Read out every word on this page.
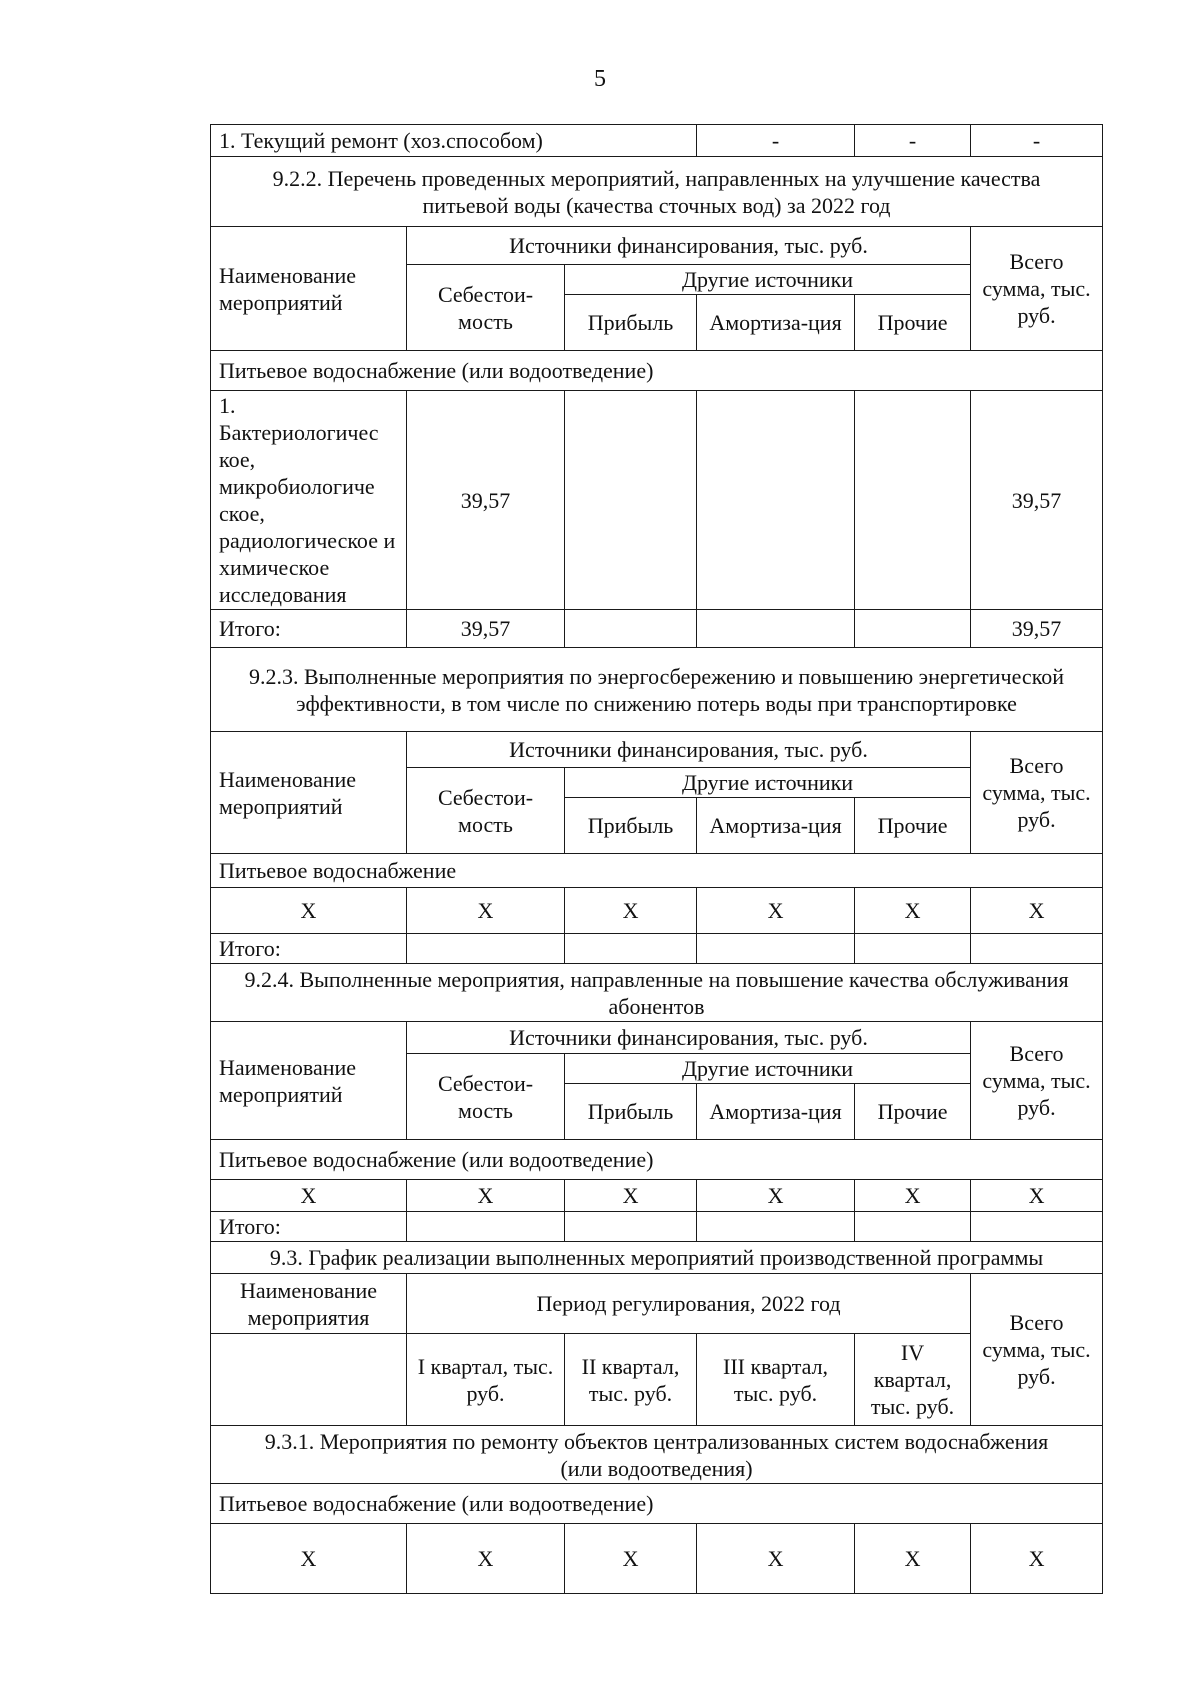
5
1. Текущий ремонт (хоз.способом)			-	-	-
9.2.2. Перечень проведенных мероприятий, направленных на улучшение качества питьевой воды (качества сточных вод) за 2022 год					
Наименование мероприятий	Источники финансирования, тыс. руб.				Всего сумма, тыс. руб.
	Себестои-мость	Другие источники			
		Прибыль	Амортиза-ция	Прочие	
Питьевое водоснабжение (или водоотведение)					
1. Бактериологичес кое, микробиологиче ское, радиологическое и химическое исследования	39,57				39,57
Итого:	39,57				39,57
9.2.3. Выполненные мероприятия по энергосбережению и повышению энергетической эффективности, в том числе по снижению потерь воды при транспортировке					
Наименование мероприятий	Источники финансирования, тыс. руб.				Всего сумма, тыс. руб.
	Себестои-мость	Другие источники			
		Прибыль	Амортиза-ция	Прочие	
Питьевое водоснабжение					
X	X	X	X	X	X
Итого:					
9.2.4. Выполненные мероприятия, направленные на повышение качества обслуживания абонентов					
Наименование мероприятий	Источники финансирования, тыс. руб.				Всего сумма, тыс. руб.
	Себестои-мость	Другие источники			
		Прибыль	Амортиза-ция	Прочие	
Питьевое водоснабжение (или водоотведение)					
X	X	X	X	X	X
Итого:					
9.3. График реализации выполненных мероприятий производственной программы					
Наименование мероприятия	Период регулирования, 2022 год				Всего сумма, тыс. руб.
	I квартал, тыс. руб.	II квартал, тыс. руб.	III квартал, тыс. руб.	IV квартал, тыс. руб.	
9.3.1. Мероприятия по ремонту объектов централизованных систем водоснабжения (или водоотведения)					
Питьевое водоснабжение (или водоотведение)					
X	X	X	X	X	X
